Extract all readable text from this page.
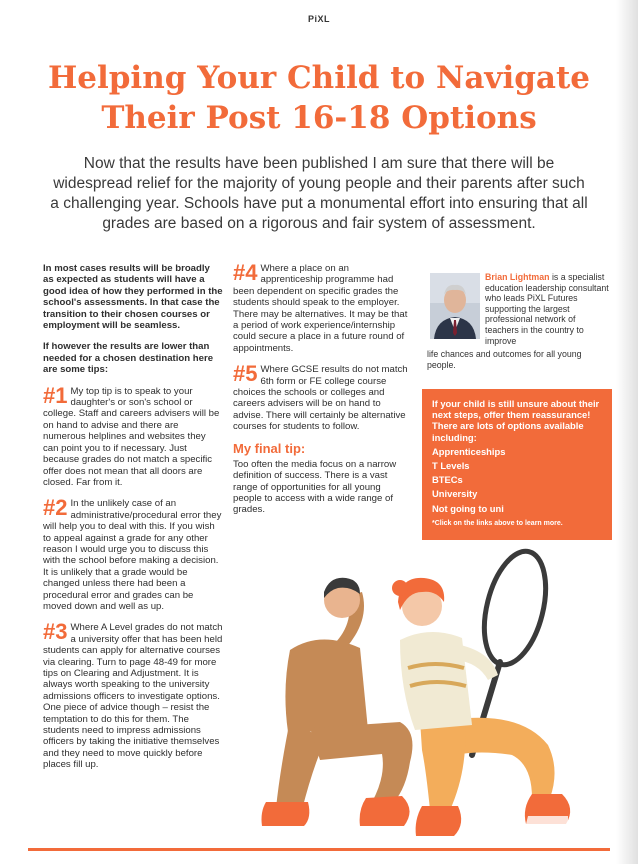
PiXL
Helping Your Child to Navigate
Their Post 16-18 Options

Now that the results have been published I am sure that there will be widespread relief for the majority of young people and their parents after such a challenging year. Schools have put a monumental effort into ensuring that all grades are based on a rigorous and fair system of assessment.

In most cases results will be broadly as expected as students will have a good idea of how they performed in the school's assessments. In that case the transition to their chosen courses or employment will be seamless.

If however the results are lower than needed for a chosen destination here are some tips:

#1 My top tip is to speak to your daughter's or son's school or college. Staff and careers advisers will be on hand to advise and there are numerous helplines and websites they can point you to if necessary. Just because grades do not match a specific offer does not mean that all doors are closed. Far from it.

#2 In the unlikely case of an administrative/procedural error they will help you to deal with this. If you wish to appeal against a grade for any other reason I would urge you to discuss this with the school before making a decision. It is unlikely that a grade would be changed unless there had been a procedural error and grades can be moved down and well as up.

#3 Where A Level grades do not match a university offer that has been held students can apply for alternative courses via clearing. Turn to page 48-49 for more tips on Clearing and Adjustment. It is always worth speaking to the university admissions officers to investigate options. One piece of advice though – resist the temptation to do this for them. The students need to impress admissions officers by taking the initiative themselves and they need to move quickly before places fill up.

#4 Where a place on an apprenticeship programme had been dependent on specific grades the students should speak to the employer. There may be alternatives. It may be that a period of work experience/internship could secure a place in a future round of appointments.

#5 Where GCSE results do not match 6th form or FE college course choices the schools or colleges and careers advisers will be on hand to advise. There will certainly be alternative courses for students to follow.

My final tip:

Too often the media focus on a narrow definition of success. There is a vast range of opportunities for all young people to access with a wide range of grades.

Brian Lightman is a specialist education leadership consultant who leads PiXL Futures supporting the largest professional network of teachers in the country to improve
life chances and outcomes for all young people.
If your child is still unsure about their next steps, offer them reassurance! There are lots of options available including:
Apprenticeships
T Levels
BTECs
University
Not going to uni
*Click on the links above to learn more.
